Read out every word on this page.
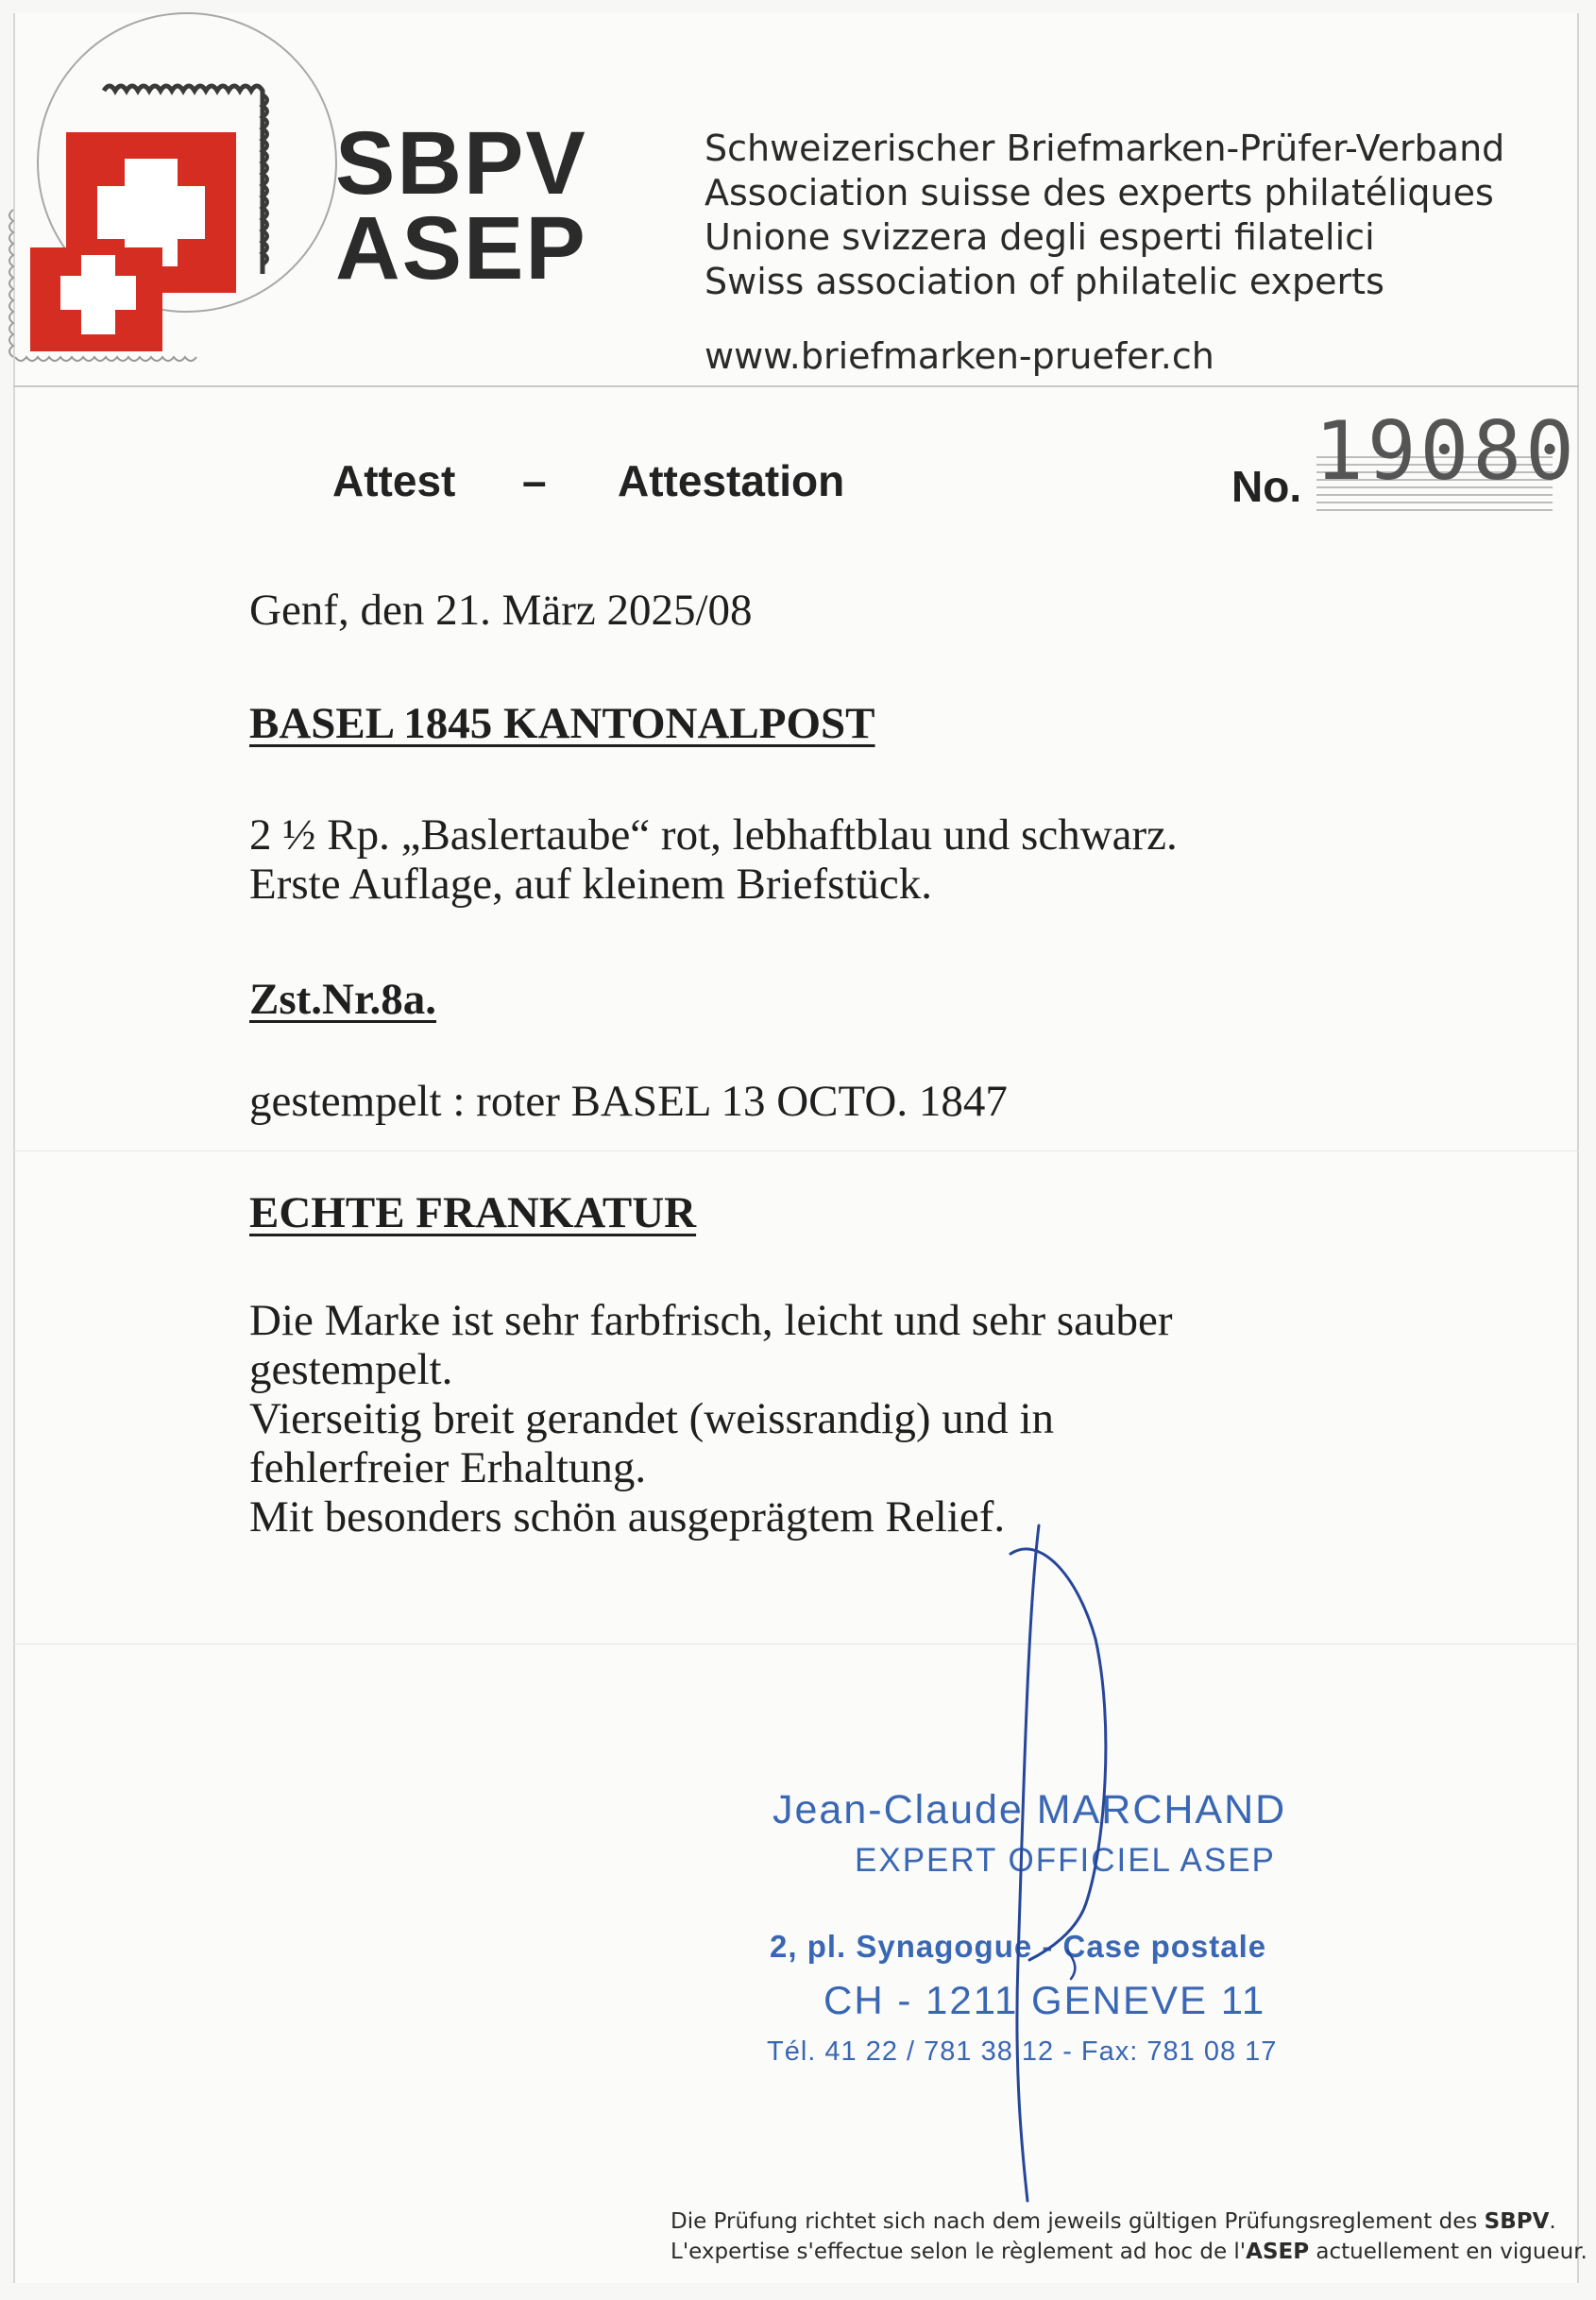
SBPV
ASEP
Schweizerischer Briefmarken-Prüfer-Verband
Association suisse des experts philatéliques
Unione svizzera degli esperti filatelici
Swiss association of philatelic experts
www.briefmarken-pruefer.ch
Attest – Attestation	No. 19080
Genf, den 21. März 2025/08
BASEL 1845 KANTONALPOST
2 ½ Rp. „Baslertaube“ rot, lebhaftblau und schwarz.
Erste Auflage, auf kleinem Briefstück.
Zst.Nr.8a.
gestempelt : roter BASEL 13 OCTO. 1847
ECHTE FRANKATUR
Die Marke ist sehr farbfrisch, leicht und sehr sauber
gestempelt.
Vierseitig breit gerandet (weissrandig) und in
fehlerfreier Erhaltung.
Mit besonders schön ausgeprägtem Relief.
Jean-Claude MARCHAND
EXPERT OFFICIEL ASEP
2, pl. Synagogue - Case postale
CH - 1211 GENEVE 11
Tél. 41 22 / 781 38 12 - Fax: 781 08 17
Die Prüfung richtet sich nach dem jeweils gültigen Prüfungsreglement des SBPV.
L'expertise s'effectue selon le règlement ad hoc de l'ASEP actuellement en vigueur.
